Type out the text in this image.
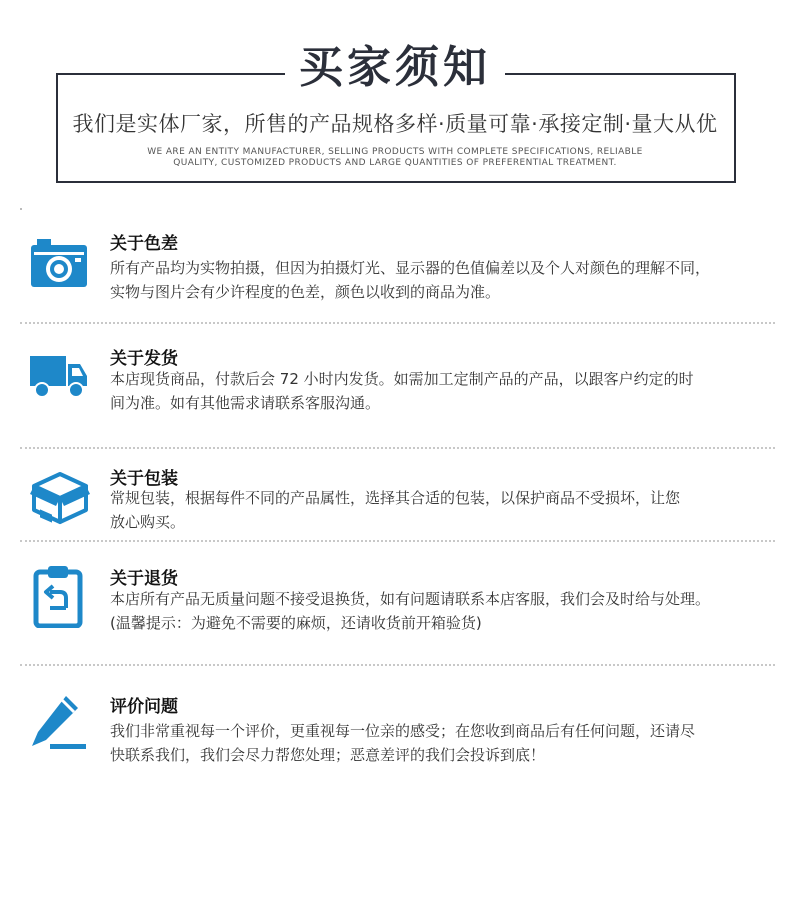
买家须知
我们是实体厂家，所售的产品规格多样·质量可靠·承接定制·量大从优
WE ARE AN ENTITY MANUFACTURER, SELLING PRODUCTS WITH COMPLETE SPECIFICATIONS, RELIABLE
QUALITY, CUSTOMIZED PRODUCTS AND LARGE QUANTITIES OF PREFERENTIAL TREATMENT.
关于色差
所有产品均为实物拍摄，但因为拍摄灯光、显示器的色值偏差以及个人对颜色的理解不同，
实物与图片会有少许程度的色差，颜色以收到的商品为准。
关于发货
本店现货商品，付款后会 72 小时内发货。如需加工定制产品的产品，以跟客户约定的时
间为准。如有其他需求请联系客服沟通。
关于包装
常规包装，根据每件不同的产品属性，选择其合适的包装，以保护商品不受损坏，让您
放心购买。
关于退货
本店所有产品无质量问题不接受退换货，如有问题请联系本店客服，我们会及时给与处理。
(温馨提示：为避免不需要的麻烦，还请收货前开箱验货)
评价问题
我们非常重视每一个评价，更重视每一位亲的感受；在您收到商品后有任何问题，还请尽
快联系我们，我们会尽力帮您处理；恶意差评的我们会投诉到底！
